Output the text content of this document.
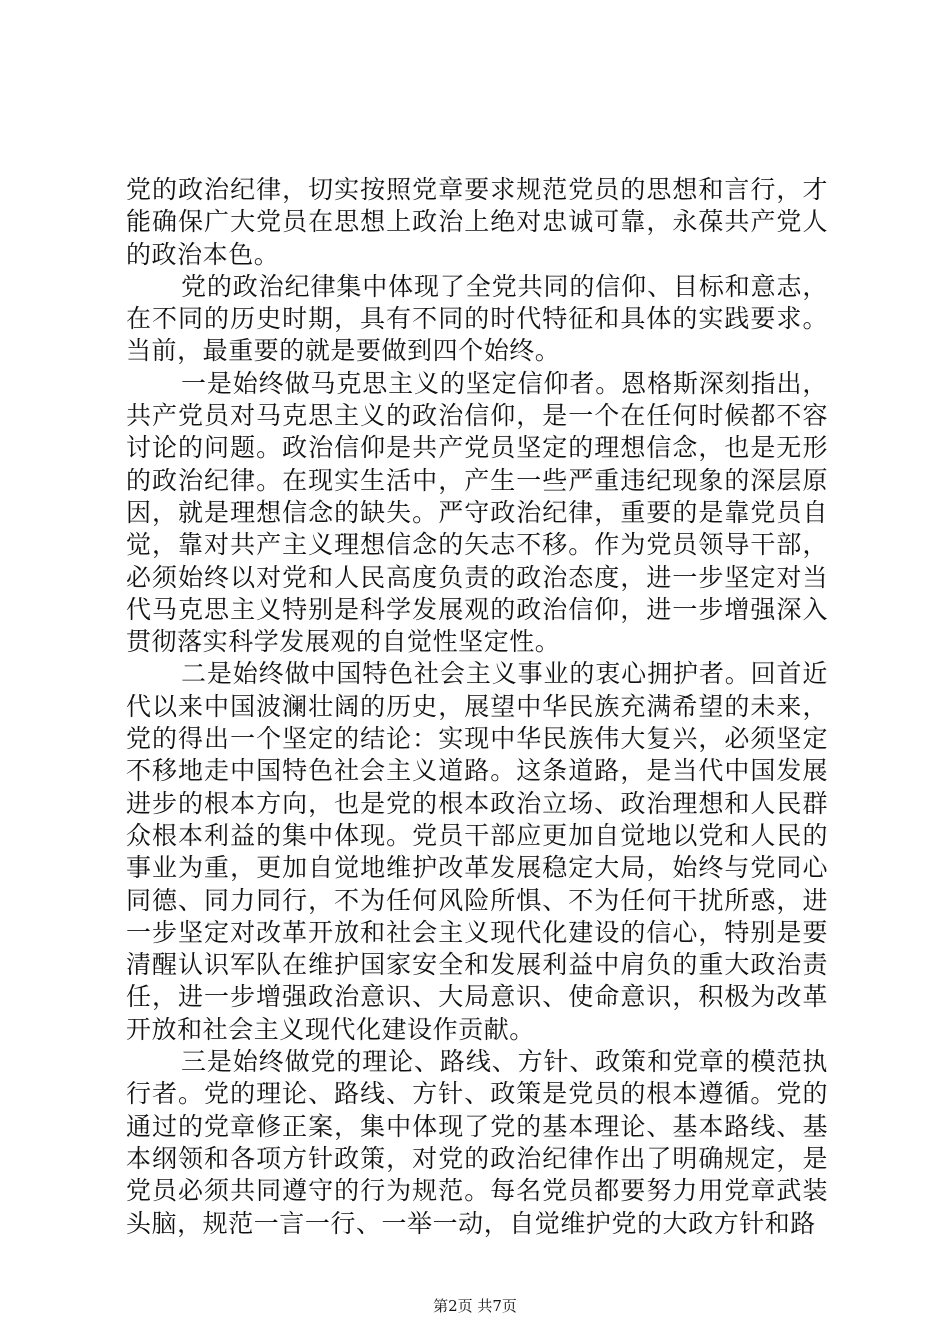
党的政治纪律，切实按照党章要求规范党员的思想和言行，才能确保广大党员在思想上政治上绝对忠诚可靠，永葆共产党人的政治本色。

党的政治纪律集中体现了全党共同的信仰、目标和意志，在不同的历史时期，具有不同的时代特征和具体的实践要求。当前，最重要的就是要做到四个始终。

一是始终做马克思主义的坚定信仰者。恩格斯深刻指出，共产党员对马克思主义的政治信仰，是一个在任何时候都不容讨论的问题。政治信仰是共产党员坚定的理想信念，也是无形的政治纪律。在现实生活中，产生一些严重违纪现象的深层原因，就是理想信念的缺失。严守政治纪律，重要的是靠党员自觉，靠对共产主义理想信念的矢志不移。作为党员领导干部，必须始终以对党和人民高度负责的政治态度，进一步坚定对当代马克思主义特别是科学发展观的政治信仰，进一步增强深入贯彻落实科学发展观的自觉性坚定性。

二是始终做中国特色社会主义事业的衷心拥护者。回首近代以来中国波澜壮阔的历史，展望中华民族充满希望的未来，党的得出一个坚定的结论：实现中华民族伟大复兴，必须坚定不移地走中国特色社会主义道路。这条道路，是当代中国发展进步的根本方向，也是党的根本政治立场、政治理想和人民群众根本利益的集中体现。党员干部应更加自觉地以党和人民的事业为重，更加自觉地维护改革发展稳定大局，始终与党同心同德、同力同行，不为任何风险所惧、不为任何干扰所惑，进一步坚定对改革开放和社会主义现代化建设的信心，特别是要清醒认识军队在维护国家安全和发展利益中肩负的重大政治责任，进一步增强政治意识、大局意识、使命意识，积极为改革开放和社会主义现代化建设作贡献。

三是始终做党的理论、路线、方针、政策和党章的模范执行者。党的理论、路线、方针、政策是党员的根本遵循。党的通过的党章修正案，集中体现了党的基本理论、基本路线、基本纲领和各项方针政策，对党的政治纪律作出了明确规定，是党员必须共同遵守的行为规范。每名党员都要努力用党章武装头脑，规范一言一行、一举一动，自觉维护党的大政方针和路

第2页 共7页
